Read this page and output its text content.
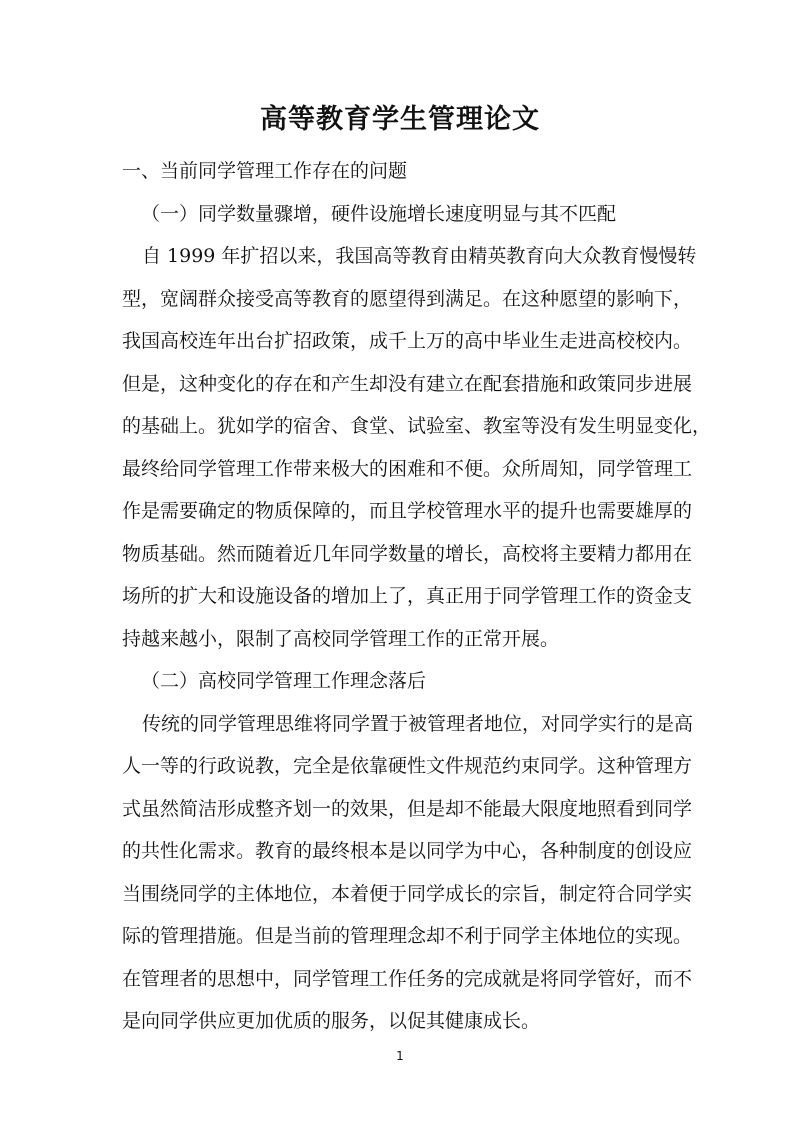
高等教育学生管理论文
一、当前同学管理工作存在的问题
（一）同学数量骤增，硬件设施增长速度明显与其不匹配
自 1999 年扩招以来，我国高等教育由精英教育向大众教育慢慢转
型，宽阔群众接受高等教育的愿望得到满足。在这种愿望的影响下，
我国高校连年出台扩招政策，成千上万的高中毕业生走进高校校内。
但是，这种变化的存在和产生却没有建立在配套措施和政策同步进展
的基础上。犹如学的宿舍、食堂、试验室、教室等没有发生明显变化，
最终给同学管理工作带来极大的困难和不便。众所周知，同学管理工
作是需要确定的物质保障的，而且学校管理水平的提升也需要雄厚的
物质基础。然而随着近几年同学数量的增长，高校将主要精力都用在
场所的扩大和设施设备的增加上了，真正用于同学管理工作的资金支
持越来越小，限制了高校同学管理工作的正常开展。
（二）高校同学管理工作理念落后
传统的同学管理思维将同学置于被管理者地位，对同学实行的是高
人一等的行政说教，完全是依靠硬性文件规范约束同学。这种管理方
式虽然简洁形成整齐划一的效果，但是却不能最大限度地照看到同学
的共性化需求。教育的最终根本是以同学为中心，各种制度的创设应
当围绕同学的主体地位，本着便于同学成长的宗旨，制定符合同学实
际的管理措施。但是当前的管理理念却不利于同学主体地位的实现。
在管理者的思想中，同学管理工作任务的完成就是将同学管好，而不
是向同学供应更加优质的服务，以促其健康成长。
1
